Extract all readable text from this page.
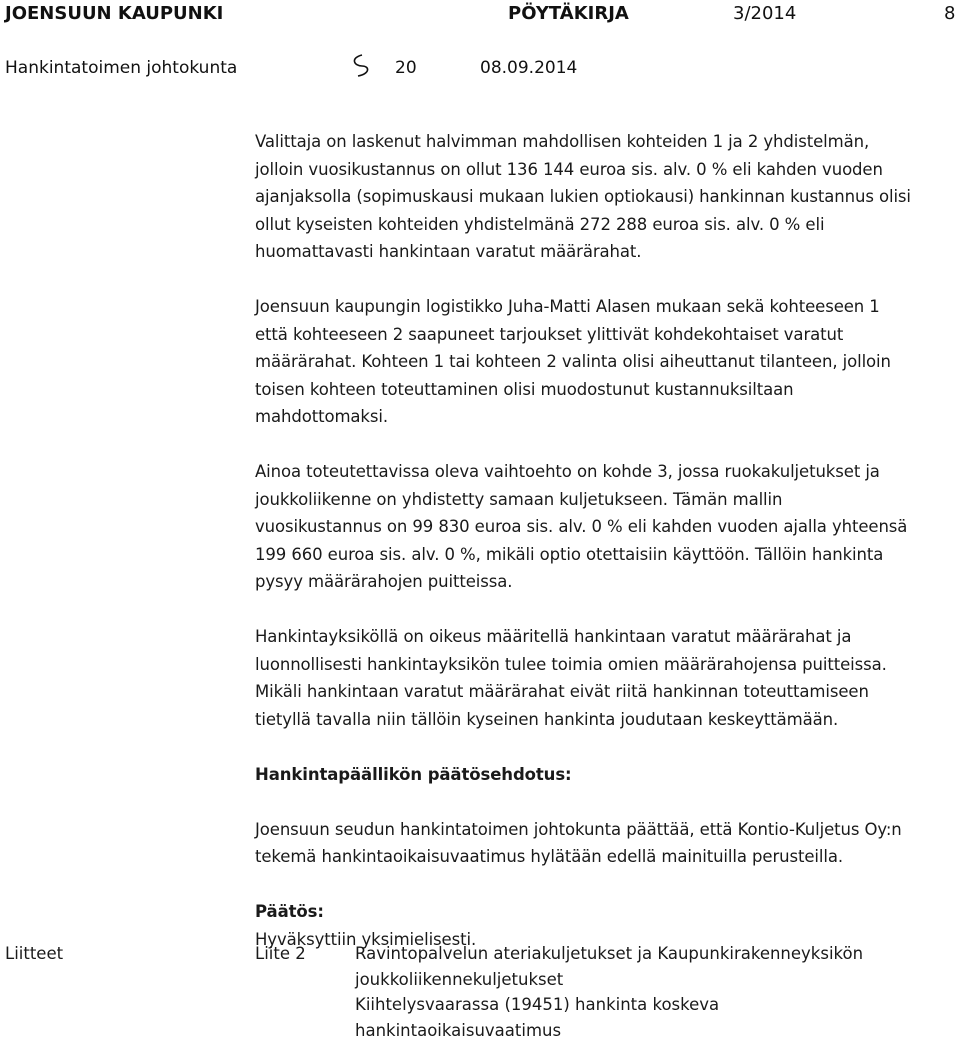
JOENSUUN KAUPUNKI	PÖYTÄKIRJA	3/2014	8
Hankintatoimen johtokunta	20	08.09.2014

Valittaja on laskenut halvimman mahdollisen kohteiden 1 ja 2 yhdistelmän,
jolloin vuosikustannus on ollut 136 144 euroa sis. alv. 0 % eli kahden vuoden
ajanjaksolla (sopimuskausi mukaan lukien optiokausi) hankinnan kustannus olisi
ollut kyseisten kohteiden yhdistelmänä 272 288 euroa sis. alv. 0 % eli
huomattavasti hankintaan varatut määrärahat.

Joensuun kaupungin logistikko Juha-Matti Alasen mukaan sekä kohteeseen 1
että kohteeseen 2 saapuneet tarjoukset ylittivät kohdekohtaiset varatut
määrärahat. Kohteen 1 tai kohteen 2 valinta olisi aiheuttanut tilanteen, jolloin
toisen kohteen toteuttaminen olisi muodostunut kustannuksiltaan
mahdottomaksi.

Ainoa toteutettavissa oleva vaihtoehto on kohde 3, jossa ruokakuljetukset ja
joukkoliikenne on yhdistetty samaan kuljetukseen. Tämän mallin
vuosikustannus on 99 830 euroa sis. alv. 0 % eli kahden vuoden ajalla yhteensä
199 660 euroa sis. alv. 0 %, mikäli optio otettaisiin käyttöön. Tällöin hankinta
pysyy määrärahojen puitteissa.

Hankintayksiköllä on oikeus määritellä hankintaan varatut määrärahat ja
luonnollisesti hankintayksikön tulee toimia omien määrärahojensa puitteissa.
Mikäli hankintaan varatut määrärahat eivät riitä hankinnan toteuttamiseen
tietyllä tavalla niin tällöin kyseinen hankinta joudutaan keskeyttämään.

Hankintapäällikön päätösehdotus:

Joensuun seudun hankintatoimen johtokunta päättää, että Kontio-Kuljetus Oy:n
tekemä hankintaoikaisuvaatimus hylätään edellä mainituilla perusteilla.

Päätös:
Hyväksyttiin yksimielisesti.
Liitteet	Liite 2	Ravintopalvelun ateriakuljetukset ja Kaupunkirakenneyksikön
joukkoliikennekuljetukset
Kiihtelysvaarassa (19451) hankinta koskeva
hankintaoikaisuvaatimus
